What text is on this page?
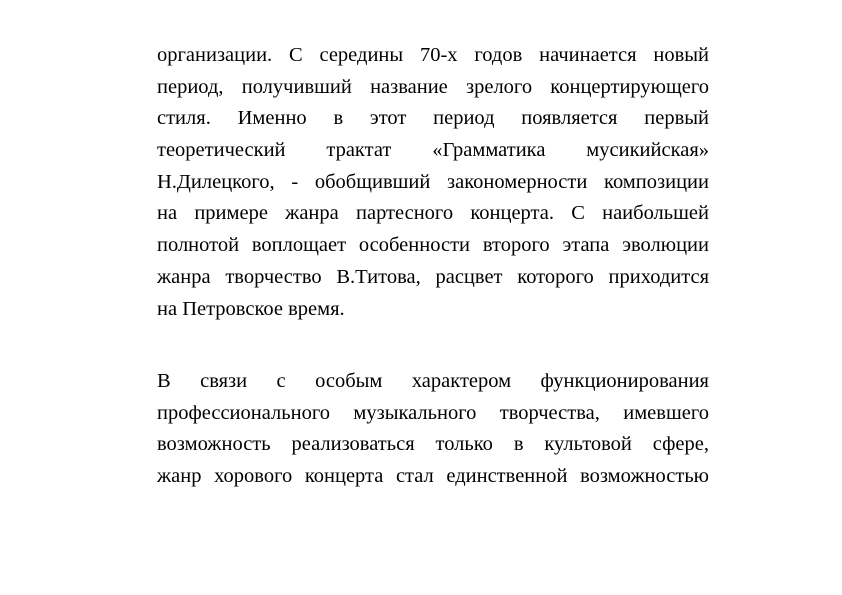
организации. С середины 70-х годов начинается новый
период, получивший название зрелого концертирующего
стиля. Именно в этот период появляется первый
теоретический трактат «Грамматика мусикийская»
Н.Дилецкого, - обобщивший закономерности композиции
на примере жанра партесного концерта. С наибольшей
полнотой воплощает особенности второго этапа эволюции
жанра творчество В.Титова, расцвет которого приходится
на Петровское время.

В связи с особым характером функционирования
профессионального музыкального творчества, имевшего
возможность реализоваться только в культовой сфере,
жанр хорового концерта стал единственной возможностью
